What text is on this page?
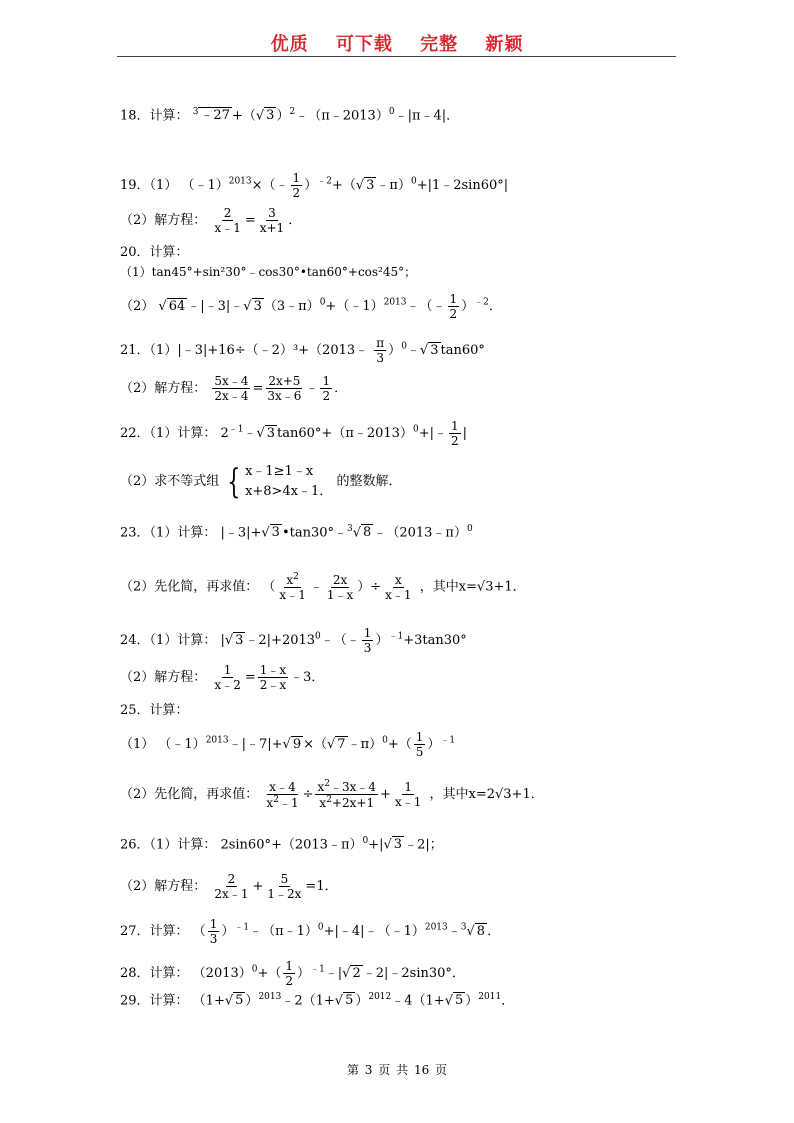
优质 可下载 完整 新颖
18．计算： $^3$ ﹣27 +（√ 3 ）$^2$﹣（π﹣2013）$^0$﹣|π﹣4|．
19．（1） （﹣1）$^{2013}$×（﹣ $\frac{1}{2} )^{﹣2}+(√$ 3 ﹣π）$^0$+|1﹣2sin60°|
（2）解方程： $\frac{2}{x﹣1} = \frac{3}{x+1}$ ．
20．计算：
（1）tan45°+sin²30°﹣cos30°•tan60°+cos²45°；
（2） √ 64 ﹣|﹣3|﹣√ 3 （3﹣π）$^0$+（﹣1）$^{2013}$﹣（﹣ $\frac{1}{2} )^{﹣2}$．
21．（1）|﹣3|+16÷（﹣2）³+（2013﹣ $\frac{\pi}{3}$ ）$^0$﹣√ 3 tan60°
（2）解方程： $\frac{5x﹣4}{2x﹣4} = \frac{2x+5}{3x﹣6}$ ﹣ $\frac{1}{2}$ ．
22．（1）计算： $2^{﹣1}﹣√$ 3 tan60°+（π﹣2013）$^0$+|﹣ $\frac{1}{2}$ |
（2）求不等式组 { x﹣1≥1﹣x
x+8>4x﹣1．
的整数解．
23．（1）计算： |﹣3|+√ 3 •tan30°﹣$^3$√ 8 ﹣（2013﹣π）$^0$
（2）先化简，再求值： （ $\frac{x^2}{x﹣1}$ ﹣ $\frac{2x}{1﹣x}$ ）÷ $\frac{x}{x﹣1}$ ，其中x=√3+1．
24．（1）计算： |√ 3 $﹣2|+2013^0﹣(﹣ \frac{1}{3} )^{﹣1}+3\tan 30^\circ$
（2）解方程： $\frac{1}{x﹣2} = \frac{1﹣x}{2﹣x}$ ﹣3．
25．计算：
（1） （﹣1）$^{2013}$﹣|﹣7|+√ 9 ×（√ 7 ﹣π）$^0$+（ $\frac{1}{5} )^{﹣1}$
（2）先化简，再求值： $\frac{x﹣4}{x^2﹣1} \div \frac{x^2﹣3x﹣4}{x^2+2x+1} + \frac{1}{x﹣1}$ ，其中x=2√3+1．
26．（1）计算： 2sin60°+（2013﹣π）$^0$+|√ 3 ﹣2|；
（2）解方程： $\frac{2}{2x﹣1} + \frac{5}{1﹣2x} =1$．
27．计算： （ $\frac{1}{3}$ ）$^{﹣1}$﹣（π﹣1）$^0$+|﹣4|﹣（﹣1）$^{2013}$﹣$^3$√ 8 ．
28．计算： $(2013)^0+( \frac{1}{2}$ ）$^{﹣1}﹣|√$ 2 ﹣2|﹣2sin30°．
29．计算： （1+√ 5 ）$^{2013}$﹣2（1+√ 5 ）$^{2012}$﹣4（1+√ 5 ）$^{2011}$．
第 3 页 共 16 页
